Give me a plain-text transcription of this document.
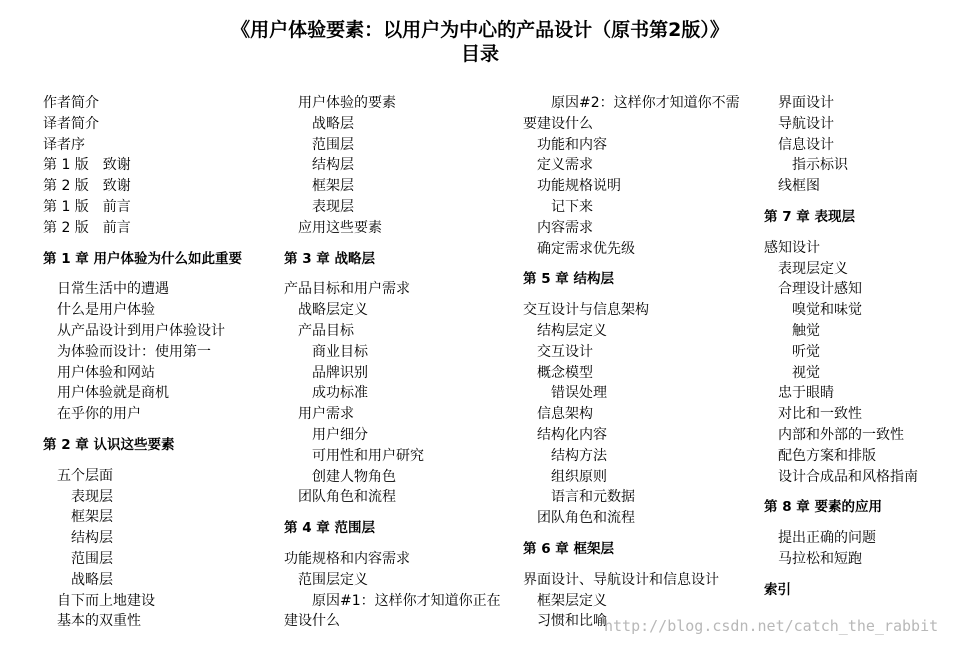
《用户体验要素：以用户为中心的产品设计（原书第2版）》
目录
作者简介
译者简介
译者序
第 1 版　致谢
第 2 版　致谢
第 1 版　前言
第 2 版　前言
第 1 章 用户体验为什么如此重要
日常生活中的遭遇
什么是用户体验
从产品设计到用户体验设计
为体验而设计：使用第一
用户体验和网站
用户体验就是商机
在乎你的用户
第 2 章 认识这些要素
五个层面
表现层
框架层
结构层
范围层
战略层
自下而上地建设
基本的双重性
用户体验的要素
战略层
范围层
结构层
框架层
表现层
应用这些要素
第 3 章 战略层
产品目标和用户需求
战略层定义
产品目标
商业目标
品牌识别
成功标准
用户需求
用户细分
可用性和用户研究
创建人物角色
团队角色和流程
第 4 章 范围层
功能规格和内容需求
范围层定义
原因#1：这样你才知道你正在
建设什么
原因#2：这样你才知道你不需
要建设什么
功能和内容
定义需求
功能规格说明
记下来
内容需求
确定需求优先级
第 5 章 结构层
交互设计与信息架构
结构层定义
交互设计
概念模型
错误处理
信息架构
结构化内容
结构方法
组织原则
语言和元数据
团队角色和流程
第 6 章 框架层
界面设计、导航设计和信息设计
框架层定义
习惯和比喻
界面设计
导航设计
信息设计
指示标识
线框图
第 7 章 表现层
感知设计
表现层定义
合理设计感知
嗅觉和味觉
触觉
听觉
视觉
忠于眼睛
对比和一致性
内部和外部的一致性
配色方案和排版
设计合成品和风格指南
第 8 章 要素的应用
提出正确的问题
马拉松和短跑
索引
http://blog.csdn.net/catch_the_rabbit
